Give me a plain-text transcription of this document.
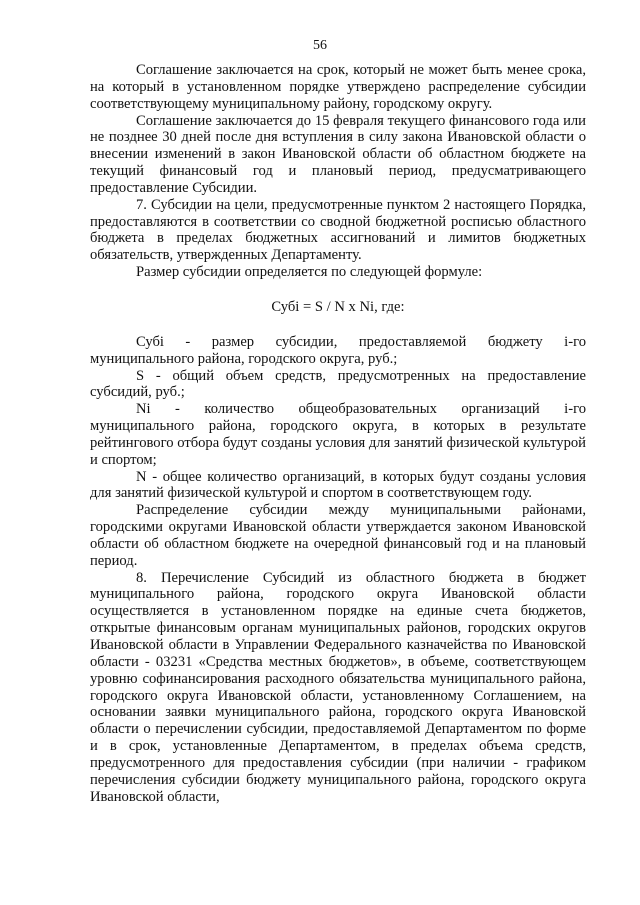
56

Соглашение заключается на срок, который не может быть менее срока, на который в установленном порядке утверждено распределение субсидии соответствующему муниципальному району, городскому округу.

Соглашение заключается до 15 февраля текущего финансового года или не позднее 30 дней после дня вступления в силу закона Ивановской области о внесении изменений в закон Ивановской области об областном бюджете на текущий финансовый год и плановый период, предусматривающего предоставление Субсидии.

7. Субсидии на цели, предусмотренные пунктом 2 настоящего Порядка, предоставляются в соответствии со сводной бюджетной росписью областного бюджета в пределах бюджетных ассигнований и лимитов бюджетных обязательств, утвержденных Департаменту.

Размер субсидии определяется по следующей формуле:

Субi = S / N x Ni, где:

Субi - размер субсидии, предоставляемой бюджету i-го муниципального района, городского округа, руб.;

S - общий объем средств, предусмотренных на предоставление субсидий, руб.;

Ni - количество общеобразовательных организаций i-го муниципального района, городского округа, в которых в результате рейтингового отбора будут созданы условия для занятий физической культурой и спортом;

N - общее количество организаций, в которых будут созданы условия для занятий физической культурой и спортом в соответствующем году.

Распределение субсидии между муниципальными районами, городскими округами Ивановской области утверждается законом Ивановской области об областном бюджете на очередной финансовый год и на плановый период.

8. Перечисление Субсидий из областного бюджета в бюджет муниципального района, городского округа Ивановской области осуществляется в установленном порядке на единые счета бюджетов, открытые финансовым органам муниципальных районов, городских округов Ивановской области в Управлении Федерального казначейства по Ивановской области - 03231 «Средства местных бюджетов», в объеме, соответствующем уровню софинансирования расходного обязательства муниципального района, городского округа Ивановской области, установленному Соглашением, на основании заявки муниципального района, городского округа Ивановской области о перечислении субсидии, предоставляемой Департаментом по форме и в срок, установленные Департаментом, в пределах объема средств, предусмотренного для предоставления субсидии (при наличии - графиком перечисления субсидии бюджету муниципального района, городского округа Ивановской области,
